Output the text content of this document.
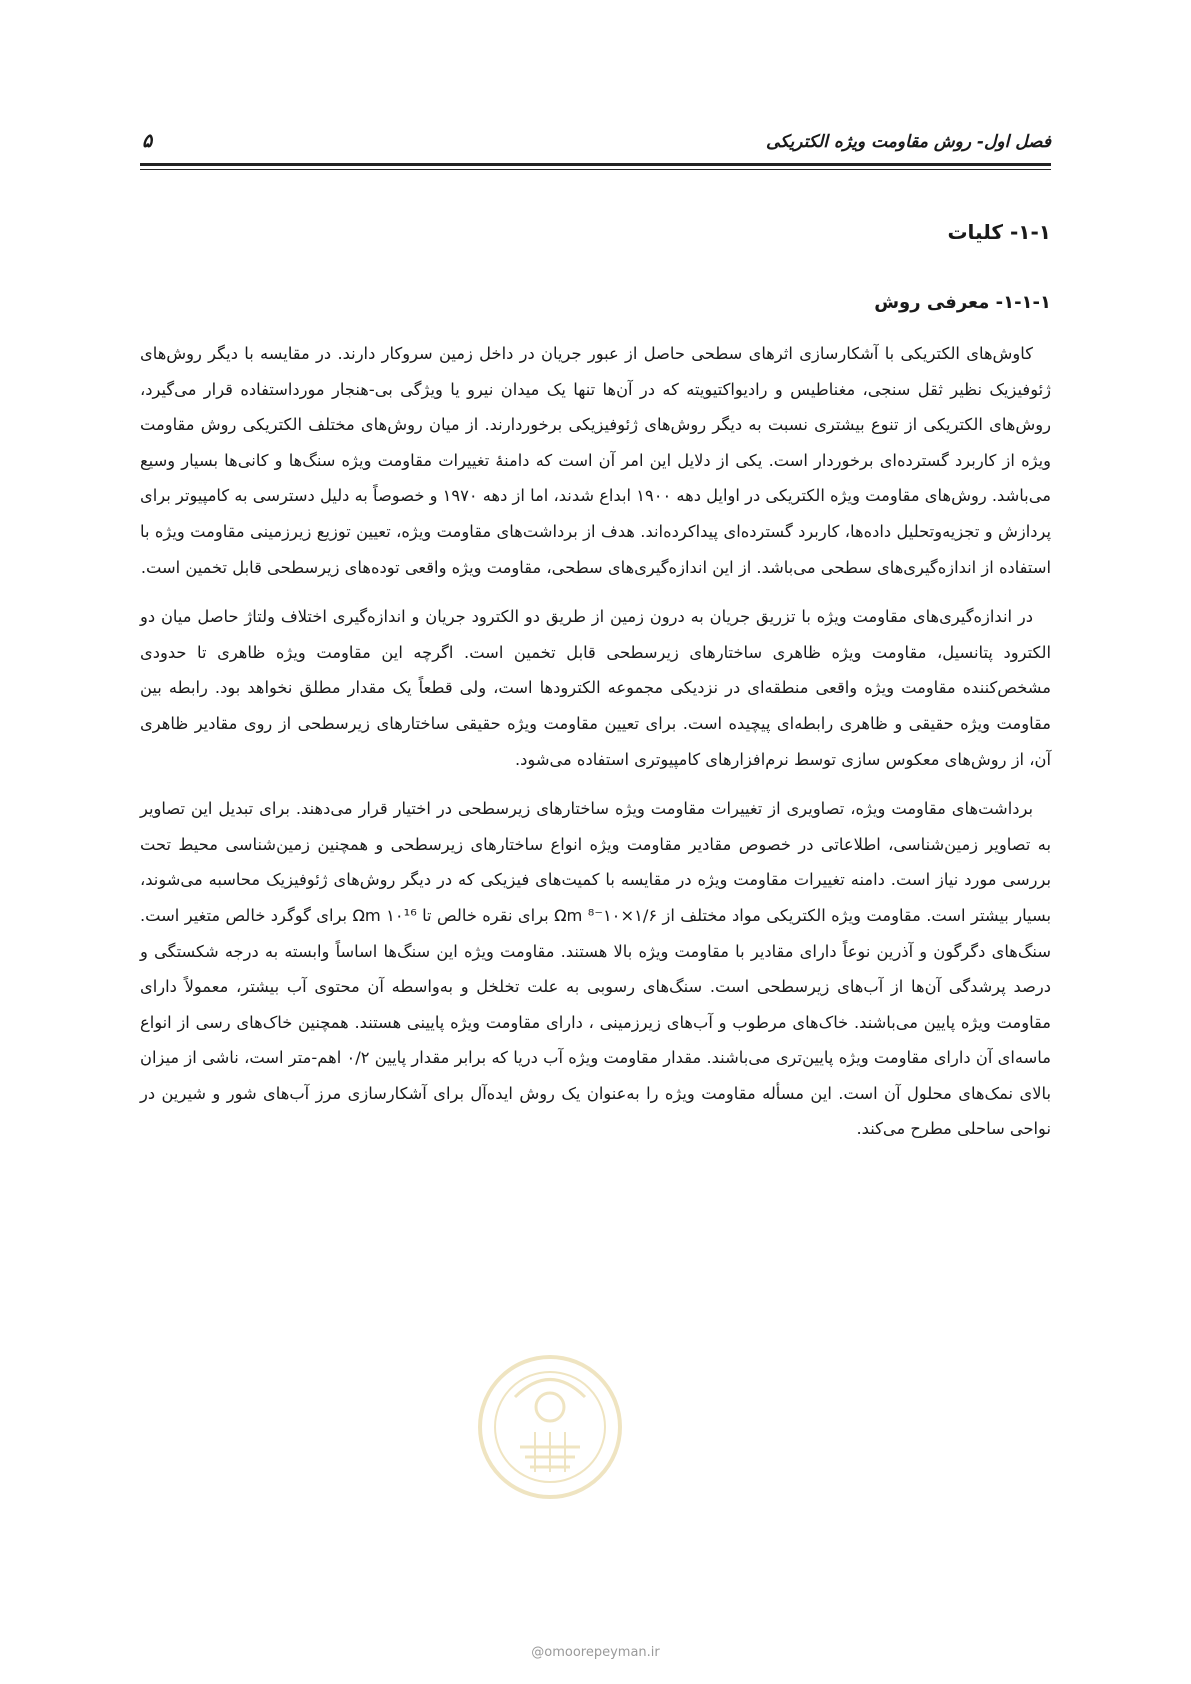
فصل اول- روش مقاومت ویژه الکتریکی
۵
۱-۱- کلیات
۱-۱-۱- معرفی روش

کاوش‌های الکتریکی با آشکارسازی اثرهای سطحی حاصل از عبور جریان در داخل زمین سروکار دارند. در مقایسه با دیگر روش‌های ژئوفیزیک نظیر ثقل سنجی، مغناطیس و رادیواکتیویته که در آن‌ها تنها یک میدان نیرو یا ویژگی بی-هنجار مورداستفاده قرار می‌گیرد، روش‌های الکتریکی از تنوع بیشتری نسبت به دیگر روش‌های ژئوفیزیکی برخوردارند. از میان روش‌های مختلف الکتریکی روش مقاومت ویژه از کاربرد گسترده‌ای برخوردار است. یکی از دلایل این امر آن است که دامنهٔ تغییرات مقاومت ویژه سنگ‌ها و کانی‌ها بسیار وسیع می‌باشد. روش‌های مقاومت ویژه الکتریکی در اوایل دهه ۱۹۰۰ ابداع شدند، اما از دهه ۱۹۷۰ و خصوصاً به دلیل دسترسی به کامپیوتر برای پردازش و تجزیه‌وتحلیل داده‌ها، کاربرد گسترده‌ای پیداکرده‌اند. هدف از برداشت‌های مقاومت ویژه، تعیین توزیع زیرزمینی مقاومت ویژه با استفاده از اندازه‌گیری‌های سطحی می‌باشد. از این اندازه‌گیری‌های سطحی، مقاومت ویژه واقعی توده‌های زیرسطحی قابل تخمین است.

در اندازه‌گیری‌های مقاومت ویژه با تزریق جریان به درون زمین از طریق دو الکترود جریان و اندازه‌گیری اختلاف ولتاژ حاصل میان دو الکترود پتانسیل، مقاومت ویژه ظاهری ساختارهای زیرسطحی قابل تخمین است. اگرچه این مقاومت ویژه ظاهری تا حدودی مشخص‌کننده مقاومت ویژه واقعی منطقه‌ای در نزدیکی مجموعه الکترودها است، ولی قطعاً یک مقدار مطلق نخواهد بود. رابطه بین مقاومت ویژه حقیقی و ظاهری رابطه‌ای پیچیده است. برای تعیین مقاومت ویژه حقیقی ساختارهای زیرسطحی از روی مقادیر ظاهری آن، از روش‌های معکوس سازی توسط نرم‌افزارهای کامپیوتری استفاده می‌شود.

برداشت‌های مقاومت ویژه، تصاویری از تغییرات مقاومت ویژه ساختارهای زیرسطحی در اختیار قرار می‌دهند. برای تبدیل این تصاویر به تصاویر زمین‌شناسی، اطلاعاتی در خصوص مقادیر مقاومت ویژه انواع ساختارهای زیرسطحی و همچنین زمین‌شناسی محیط تحت بررسی مورد نیاز است. دامنه تغییرات مقاومت ویژه در مقایسه با کمیت‌های فیزیکی که در دیگر روش‌های ژئوفیزیک محاسبه می‌شوند، بسیار بیشتر است. مقاومت ویژه الکتریکی مواد مختلف از ۱/۶×۱۰⁻⁸ Ωm برای نقره خالص تا ۱۰¹⁶ Ωm برای گوگرد خالص متغیر است. سنگ‌های دگرگون و آذرین نوعاً دارای مقادیر با مقاومت ویژه بالا هستند. مقاومت ویژه این سنگ‌ها اساساً وابسته به درجه شکستگی و درصد پرشدگی آن‌ها از آب‌های زیرسطحی است. سنگ‌های رسوبی به علت تخلخل و به‌واسطه آن محتوی آب بیشتر، معمولاً دارای مقاومت ویژه پایین می‌باشند. خاک‌های مرطوب و آب‌های زیرزمینی ، دارای مقاومت ویژه پایینی هستند. همچنین خاک‌های رسی از انواع ماسه‌ای آن دارای مقاومت ویژه پایین‌تری می‌باشند. مقدار مقاومت ویژه آب دریا که برابر مقدار پایین ۰/۲ اهم-متر است، ناشی از میزان بالای نمک‌های محلول آن است. این مسأله مقاومت ویژه را به‌عنوان یک روش ایده‌آل برای آشکارسازی مرز آب‌های شور و شیرین در نواحی ساحلی مطرح می‌کند.

@omoorepeyman.ir
